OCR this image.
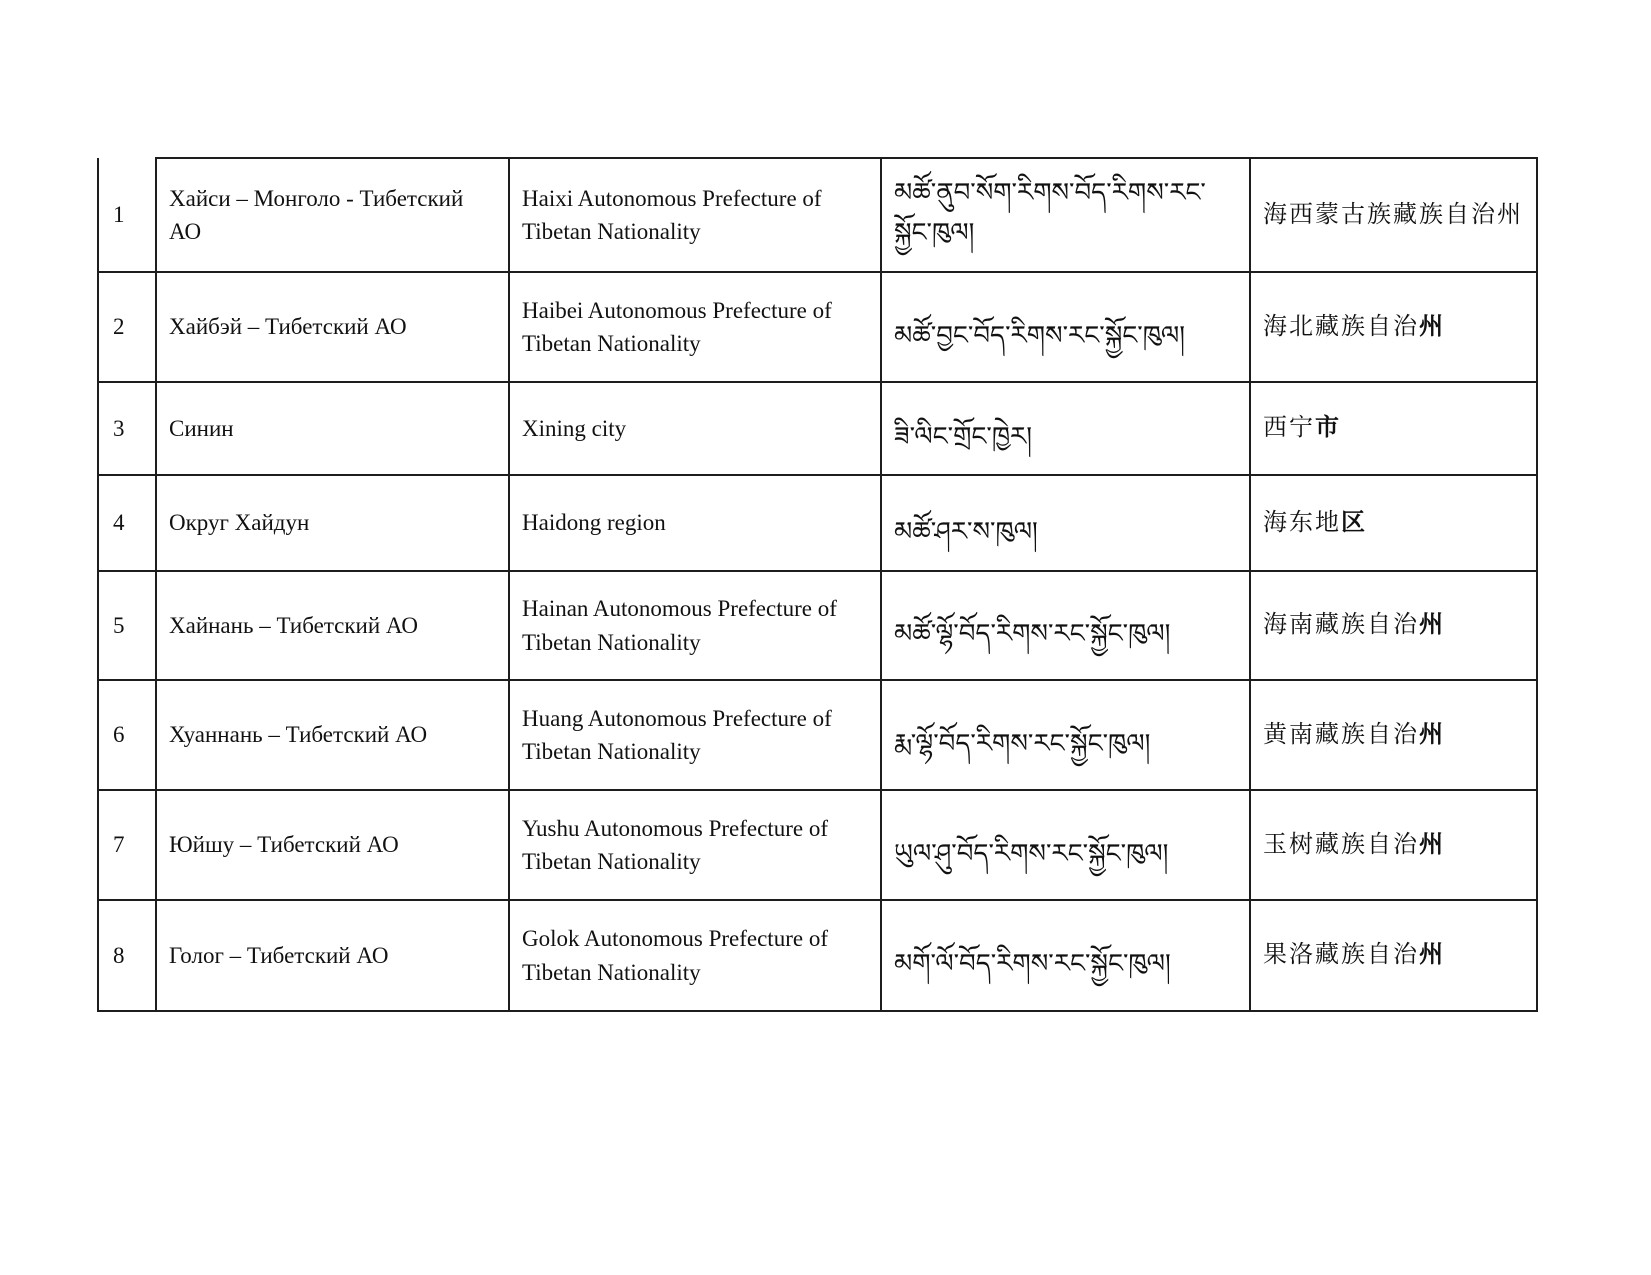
1	Хайси – Монголо - Тибетский АО	Haixi Autonomous Prefecture of Tibetan Nationality	མཚོ་ནུབ་སོག་རིགས་བོད་རིགས་རང་སྐྱོང་ཁུལ།	海西蒙古族藏族自治州
2	Хайбэй – Тибетский АО	Haibei Autonomous Prefecture of Tibetan Nationality	མཚོ་བྱང་བོད་རིགས་རང་སྐྱོང་ཁུལ།	海北藏族自治州
3	Синин	Xining city	ཟི་ལིང་གྲོང་ཁྱེར།	西宁市
4	Округ Хайдун	Haidong region	མཚོ་ཤར་ས་ཁུལ།	海东地区
5	Хайнань – Тибетский АО	Hainan Autonomous Prefecture of Tibetan Nationality	མཚོ་ལྷོ་བོད་རིགས་རང་སྐྱོང་ཁུལ།	海南藏族自治州
6	Хуаннань – Тибетский АО	Huang Autonomous Prefecture of Tibetan Nationality	རྨ་ལྷོ་བོད་རིགས་རང་སྐྱོང་ཁུལ།	黄南藏族自治州
7	Юйшу – Тибетский АО	Yushu Autonomous Prefecture of Tibetan Nationality	ཡུལ་ཤུ་བོད་རིགས་རང་སྐྱོང་ཁུལ།	玉树藏族自治州
8	Голог – Тибетский АО	Golok Autonomous Prefecture of Tibetan Nationality	མགོ་ལོ་བོད་རིགས་རང་སྐྱོང་ཁུལ།	果洛藏族自治州
